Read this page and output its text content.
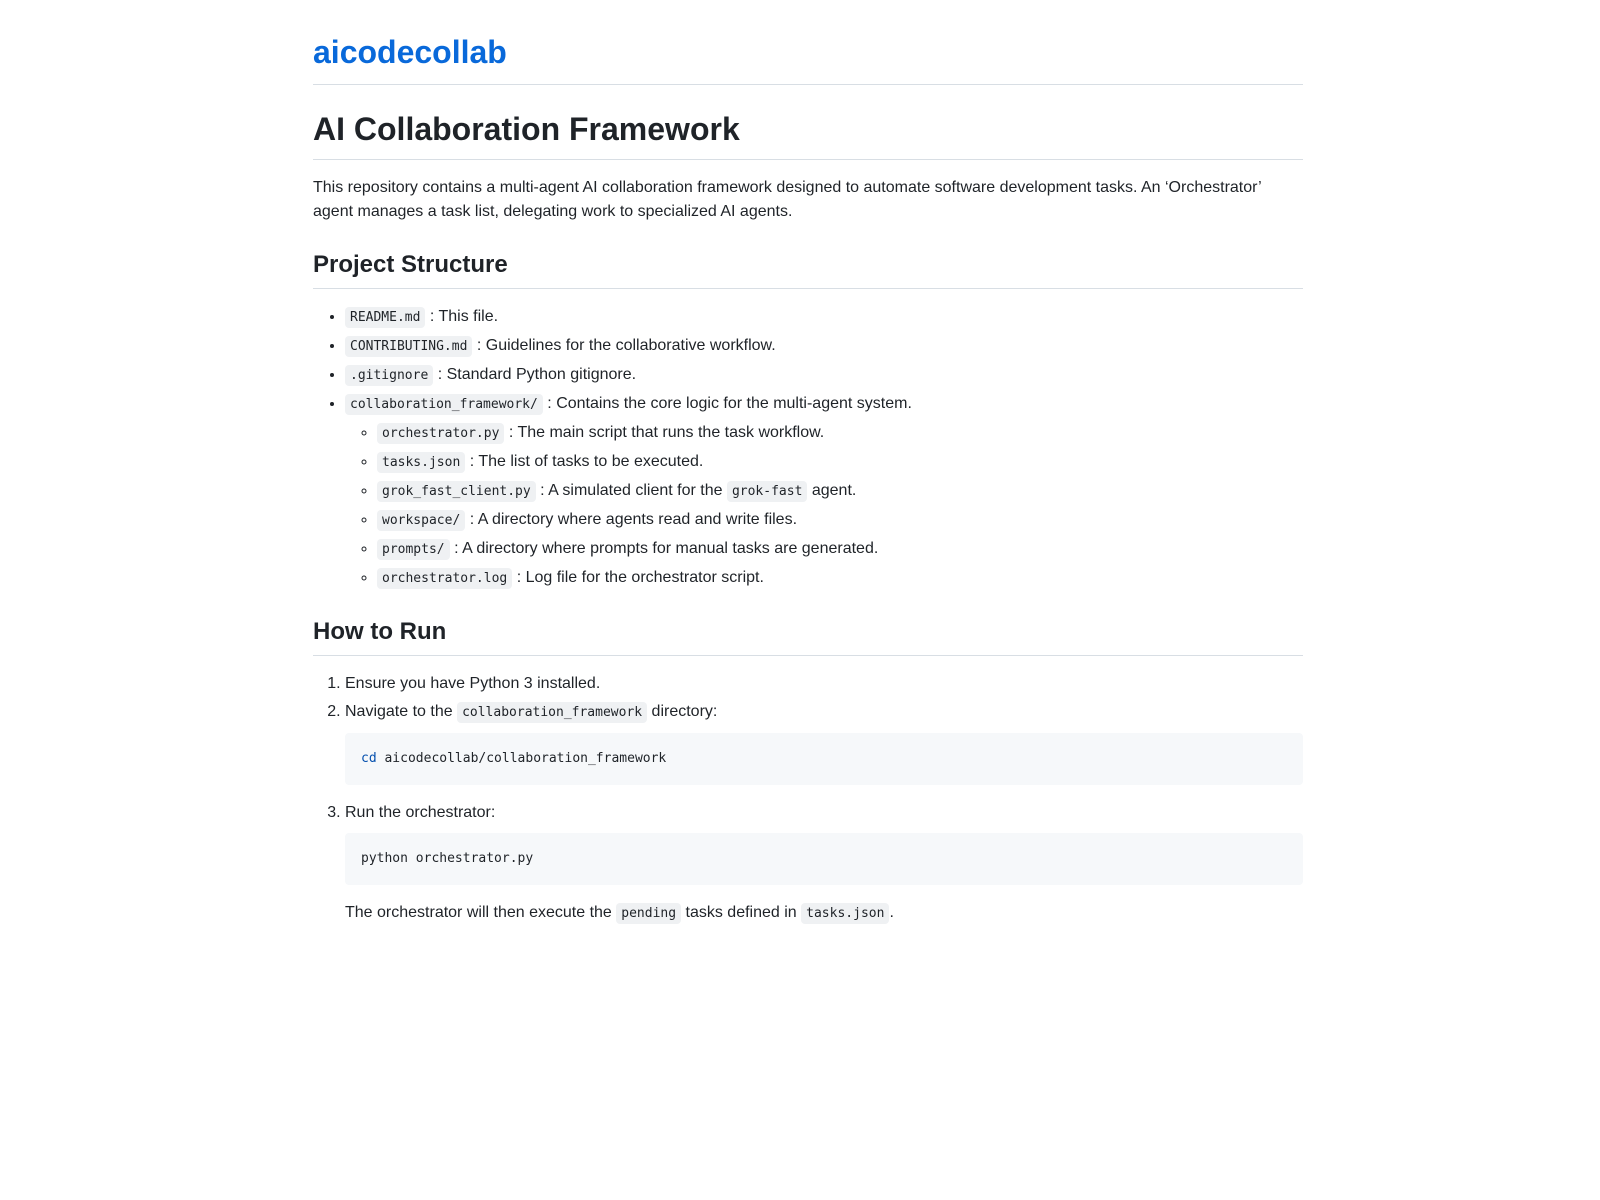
aicodecollab
AI Collaboration Framework

This repository contains a multi-agent AI collaboration framework designed to automate software development tasks. An ‘Orchestrator’ agent manages a task list, delegating work to specialized AI agents.

Project Structure
• README.md : This file.
• CONTRIBUTING.md : Guidelines for the collaborative workflow.
• .gitignore : Standard Python gitignore.
• collaboration_framework/ : Contains the core logic for the multi-agent system.
◦ orchestrator.py : The main script that runs the task workflow.
◦ tasks.json : The list of tasks to be executed.
◦ grok_fast_client.py : A simulated client for the grok-fast agent.
◦ workspace/ : A directory where agents read and write files.
◦ prompts/ : A directory where prompts for manual tasks are generated.
◦ orchestrator.log : Log file for the orchestrator script.
How to Run
1. Ensure you have Python 3 installed.
2. Navigate to the collaboration_framework directory:
cd aicodecollab/collaboration_framework
3. Run the orchestrator:
python orchestrator.py

The orchestrator will then execute the pending tasks defined in tasks.json .
